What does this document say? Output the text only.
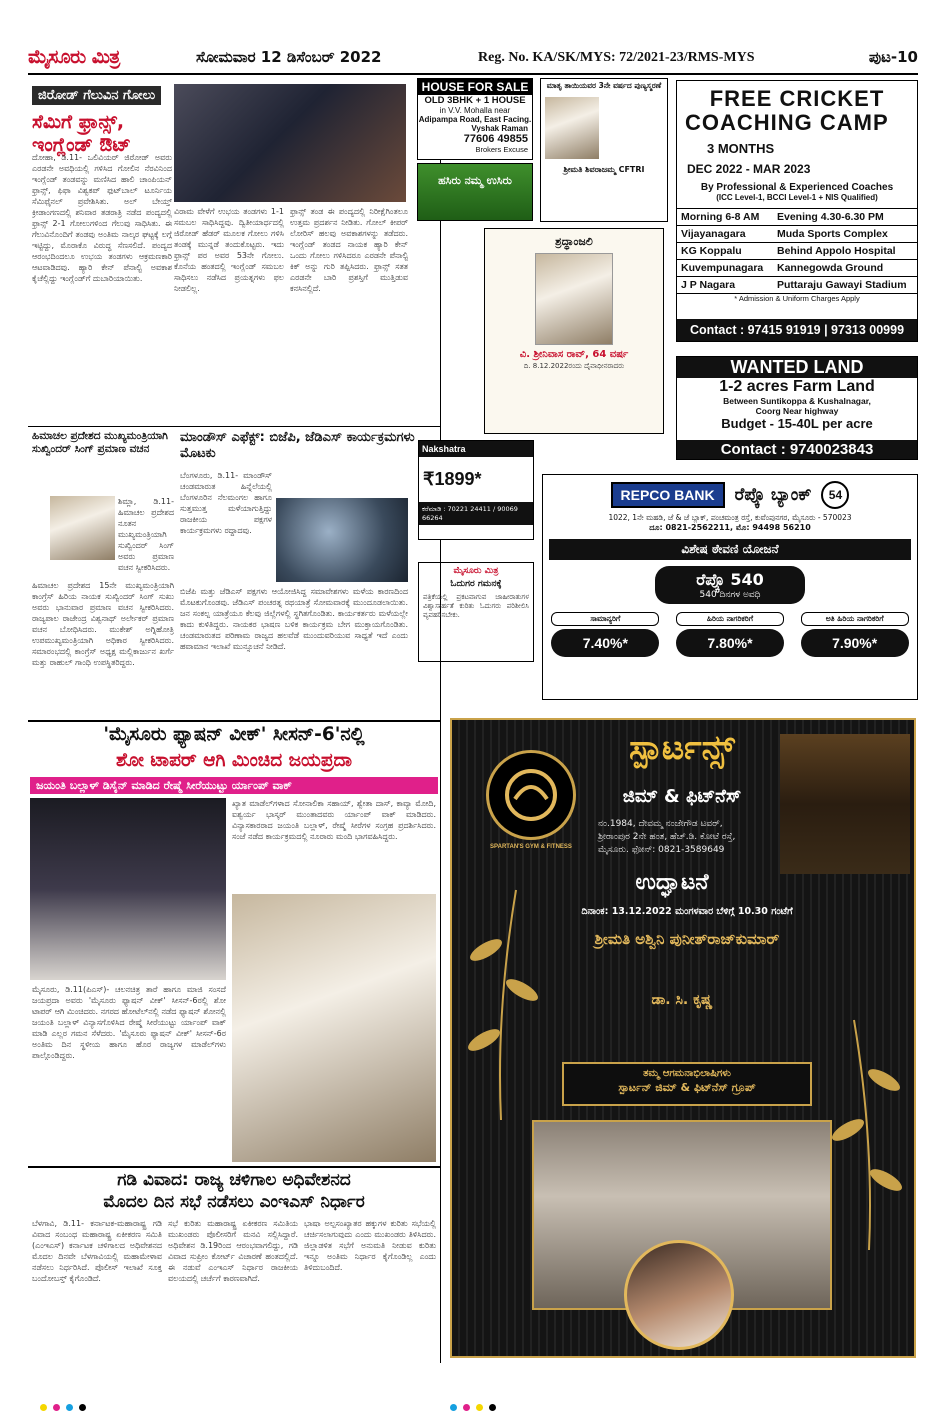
ಮೈಸೂರು ಮಿತ್ರ	ಸೋಮವಾರ 12 ಡಿಸೆಂಬರ್ 2022	Reg. No. KA/SK/MYS: 72/2021-23/RMS-MYS	ಪುಟ-10
ಜಿರೋಡ್ ಗೆಲುವಿನ ಗೋಲು
ಸೆಮಿಗೆ ಫ್ರಾನ್ಸ್,
ಇಂಗ್ಲೆಂಡ್ ಔಟ್
ದೋಹಾ, ಡಿ.11- ಒಲಿವಿಯರ್ ಜಿರೋಡ್ ಅವರು ಎರಡನೇ ಅವಧಿಯಲ್ಲಿ ಗಳಿಸಿದ ಗೋಲಿನ ನೆರವಿನಿಂದ ಇಂಗ್ಲೆಂಡ್ ತಂಡವನ್ನು ಮಣಿಸಿದ ಹಾಲಿ ಚಾಂಪಿಯನ್ ಫ್ರಾನ್ಸ್, ಫಿಫಾ ವಿಶ್ವಕಪ್ ಫುಟ್‌ಬಾಲ್ ಟೂರ್ನಿಯ ಸೆಮಿಫೈನಲ್ ಪ್ರವೇಶಿಸಿತು. ಅಲ್ ಬೇಯ್ತ್ ಕ್ರೀಡಾಂಗಣದಲ್ಲಿ ಶನಿವಾರ ತಡರಾತ್ರಿ ನಡೆದ ಪಂದ್ಯದಲ್ಲಿ ಫ್ರಾನ್ಸ್ 2-1 ಗೋಲುಗಳಿಂದ ಗೆಲುವು ಸಾಧಿಸಿತು. ಈ ಗೆಲುವಿನೊಂದಿಗೆ ತಂಡವು ಅಂತಿಮ ನಾಲ್ಕರ ಘಟ್ಟಕ್ಕೆ ಲಗ್ಗೆ ಇಟ್ಟಿದ್ದು, ಮೊರಾಕೊ ವಿರುದ್ಧ ಸೆಣಸಲಿದೆ. ಪಂದ್ಯದ ಆರಂಭದಿಂದಲೂ ಉಭಯ ತಂಡಗಳು ಆಕ್ರಮಣಕಾರಿ ಆಟವಾಡಿದವು. ಹ್ಯಾರಿ ಕೇನ್ ಪೆನಾಲ್ಟಿ ಅವಕಾಶ ಕೈಚೆಲ್ಲಿದ್ದು ಇಂಗ್ಲೆಂಡ್‌ಗೆ ದುಬಾರಿಯಾಯಿತು.
ವಿರಾಮ ವೇಳೆಗೆ ಉಭಯ ತಂಡಗಳು 1-1 ಸಮಬಲ ಸಾಧಿಸಿದ್ದವು. ದ್ವಿತೀಯಾರ್ಧದಲ್ಲಿ ಜಿರೋಡ್ ಹೆಡರ್ ಮೂಲಕ ಗೋಲು ಗಳಿಸಿ ತಂಡಕ್ಕೆ ಮುನ್ನಡೆ ತಂದುಕೊಟ್ಟರು. ಇದು ಫ್ರಾನ್ಸ್ ಪರ ಅವರ 53ನೇ ಗೋಲು. ಕೊನೆಯ ಹಂತದಲ್ಲಿ ಇಂಗ್ಲೆಂಡ್ ಸಮಬಲ ಸಾಧಿಸಲು ನಡೆಸಿದ ಪ್ರಯತ್ನಗಳು ಫಲ ನೀಡಲಿಲ್ಲ.
ಫ್ರಾನ್ಸ್ ತಂಡ ಈ ಪಂದ್ಯದಲ್ಲಿ ನಿರೀಕ್ಷೆಗಿಂತಲೂ ಉತ್ತಮ ಪ್ರದರ್ಶನ ನೀಡಿತು. ಗೋಲ್ ಕೀಪರ್ ಲೋರಿಸ್ ಹಲವು ಅವಕಾಶಗಳನ್ನು ತಡೆದರು. ಇಂಗ್ಲೆಂಡ್ ತಂಡದ ನಾಯಕ ಹ್ಯಾರಿ ಕೇನ್ ಒಂದು ಗೋಲು ಗಳಿಸಿದರೂ ಎರಡನೇ ಪೆನಾಲ್ಟಿ ಕಿಕ್ ಅನ್ನು ಗುರಿ ತಪ್ಪಿಸಿದರು. ಫ್ರಾನ್ಸ್ ಸತತ ಎರಡನೇ ಬಾರಿ ಪ್ರಶಸ್ತಿಗೆ ಮುತ್ತಿಡುವ ಕನಸಿನಲ್ಲಿದೆ.
ಹಿಮಾಚಲ ಪ್ರದೇಶದ ಮುಖ್ಯಮಂತ್ರಿಯಾಗಿ ಸುಖ್ವಿಂದರ್ ಸಿಂಗ್ ಪ್ರಮಾಣ ವಚನ
ಶಿಮ್ಲಾ, ಡಿ.11- ಹಿಮಾಚಲ ಪ್ರದೇಶದ ನೂತನ ಮುಖ್ಯಮಂತ್ರಿಯಾಗಿ ಸುಖ್ವಿಂದರ್ ಸಿಂಗ್ ಅವರು ಪ್ರಮಾಣ ವಚನ ಸ್ವೀಕರಿಸಿದರು.
ಹಿಮಾಚಲ ಪ್ರದೇಶದ 15ನೇ ಮುಖ್ಯಮಂತ್ರಿಯಾಗಿ ಕಾಂಗ್ರೆಸ್ ಹಿರಿಯ ನಾಯಕ ಸುಖ್ವಿಂದರ್ ಸಿಂಗ್ ಸುಖು ಅವರು ಭಾನುವಾರ ಪ್ರಮಾಣ ವಚನ ಸ್ವೀಕರಿಸಿದರು. ರಾಜ್ಯಪಾಲ ರಾಜೇಂದ್ರ ವಿಶ್ವನಾಥ್ ಅರ್ಲೇಕರ್ ಪ್ರಮಾಣ ವಚನ ಬೋಧಿಸಿದರು. ಮುಕೇಶ್ ಅಗ್ನಿಹೋತ್ರಿ ಉಪಮುಖ್ಯಮಂತ್ರಿಯಾಗಿ ಅಧಿಕಾರ ಸ್ವೀಕರಿಸಿದರು. ಸಮಾರಂಭದಲ್ಲಿ ಕಾಂಗ್ರೆಸ್ ಅಧ್ಯಕ್ಷ ಮಲ್ಲಿಕಾರ್ಜುನ ಖರ್ಗೆ ಮತ್ತು ರಾಹುಲ್ ಗಾಂಧಿ ಉಪಸ್ಥಿತರಿದ್ದರು.
ಮಾಂಡೌಸ್ ಎಫೆಕ್ಟ್: ಬಿಜೆಪಿ, ಜೆಡಿಎಸ್ ಕಾರ್ಯಕ್ರಮಗಳು ಮೊಟಕು
ಬೆಂಗಳೂರು, ಡಿ.11- ಮಾಂಡೌಸ್ ಚಂಡಮಾರುತ ಹಿನ್ನೆಲೆಯಲ್ಲಿ ಬೆಂಗಳೂರಿನ ನೆಲಮಂಗಲ ಹಾಗೂ ಸುತ್ತಮುತ್ತ ಮಳೆಯಾಗುತ್ತಿದ್ದು ರಾಜಕೀಯ ಪಕ್ಷಗಳ ಕಾರ್ಯಕ್ರಮಗಳು ರದ್ದಾದವು.
ಬಿಜೆಪಿ ಮತ್ತು ಜೆಡಿಎಸ್ ಪಕ್ಷಗಳು ಆಯೋಜಿಸಿದ್ದ ಸಮಾವೇಶಗಳು ಮಳೆಯ ಕಾರಣದಿಂದ ಮೊಟಕುಗೊಂಡವು. ಜೆಡಿಎಸ್ ಪಂಚರತ್ನ ರಥಯಾತ್ರೆ ಸೋಮವಾರಕ್ಕೆ ಮುಂದೂಡಲಾಯಿತು. ಜನ ಸಂಕಲ್ಪ ಯಾತ್ರೆಯೂ ಕೆಲವು ಜಿಲ್ಲೆಗಳಲ್ಲಿ ಸ್ಥಗಿತಗೊಂಡಿತು. ಕಾರ್ಯಕರ್ತರು ಮಳೆಯಲ್ಲೇ ಕಾದು ಕುಳಿತಿದ್ದರು. ನಾಯಕರ ಭಾಷಣ ಬಳಿಕ ಕಾರ್ಯಕ್ರಮ ಬೇಗ ಮುಕ್ತಾಯಗೊಂಡಿತು. ಚಂಡಮಾರುತದ ಪರಿಣಾಮ ರಾಜ್ಯದ ಹಲವೆಡೆ ಮುಂದುವರಿಯುವ ಸಾಧ್ಯತೆ ಇದೆ ಎಂದು ಹವಾಮಾನ ಇಲಾಖೆ ಮುನ್ಸೂಚನೆ ನೀಡಿದೆ.
'ಮೈಸೂರು ಫ್ಯಾಷನ್ ವೀಕ್' ಸೀಸನ್-6'ನಲ್ಲಿ
ಶೋ ಟಾಪರ್ ಆಗಿ ಮಿಂಚಿದ ಜಯಪ್ರದಾ
ಜಯಂತಿ ಬಲ್ಲಾಳ್ ಡಿಸೈನ್ ಮಾಡಿದ ರೇಷ್ಮೆ ಸೀರೆಯುಟ್ಟು ರ್ಯಾಂಪ್ ವಾಕ್
ಖ್ಯಾತ ಮಾಡೆಲ್‌ಗಳಾದ ಸೋನಾಲಿಕಾ ಸಹಾಯ್, ಶ್ವೇತಾ ದಾಸ್, ಕಾವ್ಯಾ ಮೋದಿ, ಐಶ್ವರ್ಯ ಭಾಸ್ಕರ್ ಮುಂತಾದವರು ರ್ಯಾಂಪ್ ವಾಕ್ ಮಾಡಿದರು. ವಿನ್ಯಾಸಕಾರರಾದ ಜಯಂತಿ ಬಲ್ಲಾಳ್, ರೇಷ್ಮೆ ಸೀರೆಗಳ ಸಂಗ್ರಹ ಪ್ರದರ್ಶಿಸಿದರು. ಸಂಜೆ ನಡೆದ ಕಾರ್ಯಕ್ರಮದಲ್ಲಿ ನೂರಾರು ಮಂದಿ ಭಾಗವಹಿಸಿದ್ದರು.
ಮೈಸೂರು, ಡಿ.11(ಪಿಎಸ್)- ಚಲನಚಿತ್ರ ತಾರೆ ಹಾಗೂ ಮಾಜಿ ಸಂಸದೆ ಜಯಪ್ರದಾ ಅವರು 'ಮೈಸೂರು ಫ್ಯಾಷನ್ ವೀಕ್' ಸೀಸನ್-6ರಲ್ಲಿ ಶೋ ಟಾಪರ್ ಆಗಿ ಮಿಂಚಿದರು. ನಗರದ ಹೋಟೆಲ್‌ನಲ್ಲಿ ನಡೆದ ಫ್ಯಾಷನ್ ಶೋನಲ್ಲಿ ಜಯಂತಿ ಬಲ್ಲಾಳ್ ವಿನ್ಯಾಸಗೊಳಿಸಿದ ರೇಷ್ಮೆ ಸೀರೆಯುಟ್ಟು ರ್ಯಾಂಪ್ ವಾಕ್ ಮಾಡಿ ಎಲ್ಲರ ಗಮನ ಸೆಳೆದರು. 'ಮೈಸೂರು ಫ್ಯಾಷನ್ ವೀಕ್' ಸೀಸನ್-6ರ ಅಂತಿಮ ದಿನ ಸ್ಥಳೀಯ ಹಾಗೂ ಹೊರ ರಾಜ್ಯಗಳ ಮಾಡೆಲ್‌ಗಳು ಪಾಲ್ಗೊಂಡಿದ್ದರು.
ಗಡಿ ವಿವಾದ: ರಾಜ್ಯ ಚಳಿಗಾಲ ಅಧಿವೇಶನದ
ಮೊದಲ ದಿನ ಸಭೆ ನಡೆಸಲು ಎಂಇಎಸ್ ನಿರ್ಧಾರ
ಬೆಳಗಾವಿ, ಡಿ.11- ಕರ್ನಾಟಕ-ಮಹಾರಾಷ್ಟ್ರ ಗಡಿ ವಿವಾದ ಸಂಬಂಧ ಮಹಾರಾಷ್ಟ್ರ ಏಕೀಕರಣ ಸಮಿತಿ (ಎಂಇಎಸ್) ಕರ್ನಾಟಕ ಚಳಿಗಾಲದ ಅಧಿವೇಶನದ ಮೊದಲ ದಿನವೇ ಬೆಳಗಾವಿಯಲ್ಲಿ ಮಹಾಮೇಳಾವ ನಡೆಸಲು ನಿರ್ಧರಿಸಿದೆ. ಪೊಲೀಸ್ ಇಲಾಖೆ ಸೂಕ್ತ ಬಂದೋಬಸ್ತ್ ಕೈಗೊಂಡಿದೆ.
ಸಭೆ ಕುರಿತು ಮಹಾರಾಷ್ಟ್ರ ಏಕೀಕರಣ ಸಮಿತಿಯ ಮುಖಂಡರು ಪೊಲೀಸರಿಗೆ ಮನವಿ ಸಲ್ಲಿಸಿದ್ದಾರೆ. ಅಧಿವೇಶನ ಡಿ.19ರಿಂದ ಆರಂಭವಾಗಲಿದ್ದು, ಗಡಿ ವಿವಾದ ಸುಪ್ರೀಂ ಕೋರ್ಟ್ ವಿಚಾರಣೆ ಹಂತದಲ್ಲಿದೆ. ಈ ನಡುವೆ ಎಂಇಎಸ್ ನಿರ್ಧಾರ ರಾಜಕೀಯ ವಲಯದಲ್ಲಿ ಚರ್ಚೆಗೆ ಕಾರಣವಾಗಿದೆ.
ಭಾಷಾ ಅಲ್ಪಸಂಖ್ಯಾತರ ಹಕ್ಕುಗಳ ಕುರಿತು ಸಭೆಯಲ್ಲಿ ಚರ್ಚಿಸಲಾಗುವುದು ಎಂದು ಮುಖಂಡರು ತಿಳಿಸಿದರು. ಜಿಲ್ಲಾಡಳಿತ ಸಭೆಗೆ ಅನುಮತಿ ನೀಡುವ ಕುರಿತು ಇನ್ನೂ ಅಂತಿಮ ನಿರ್ಧಾರ ಕೈಗೊಂಡಿಲ್ಲ ಎಂದು ತಿಳಿದುಬಂದಿದೆ.
HOUSE FOR SALE
OLD 3BHK + 1 HOUSE
in V.V. Mohalla near
Adipampa Road, East Facing.
Vyshak Raman
77606 49855
Brokers Excuse
ಹಸಿರು ನಮ್ಮ ಉಸಿರು
ಮಾತೃ ತಾಯಿಯವರ 3ನೇ ವರ್ಷದ ಪುಣ್ಯಸ್ಮರಣೆ
ಶ್ರೀಮತಿ ಶಿವರಾಜಮ್ಮ CFTRI
ಶ್ರದ್ಧಾಂಜಲಿ
ವಿ. ಶ್ರೀನಿವಾಸ ರಾವ್, 64 ವರ್ಷ
ದಿ. 8.12.2022ರಂದು ದೈವಾಧೀನರಾದರು
Nakshatra
₹1899*
ಕರೆಮಾಡಿ : 70221 24411 / 90069 66264
ಮೈಸೂರು ಮಿತ್ರ
ಓದುಗರ ಗಮನಕ್ಕೆ
ಪತ್ರಿಕೆಯಲ್ಲಿ ಪ್ರಕಟವಾಗುವ ಜಾಹೀರಾತುಗಳ ವಿಶ್ವಾಸಾರ್ಹತೆ ಕುರಿತು ಓದುಗರು ಪರಿಶೀಲಿಸಿ ವ್ಯವಹರಿಸಬೇಕು.
FREE CRICKET
COACHING CAMP
3 MONTHS
DEC 2022 - MAR 2023
By Professional & Experienced Coaches
(ICC Level-1, BCCI Level-1 + NIS Qualified)
Morning 6-8 AM	Evening 4.30-6.30 PM
Vijayanagara	Muda Sports Complex
KG Koppalu	Behind Appolo Hospital
Kuvempunagara	Kannegowda Ground
J P Nagara	Puttaraju Gawayi Stadium
* Admission & Uniform Charges Apply
Contact : 97415 91919 | 97313 00999
WANTED LAND
1-2 acres Farm Land
Between Suntikoppa & Kushalnagar,
Coorg Near highway
Budget - 15-40L per acre
Contact : 9740023843
REPCO BANK	ರೆಪ್ಕೊ ಬ್ಯಾಂಕ್	54
1022, 1ನೇ ಮಹಡಿ, ಜೆ & ಜೆ ಬ್ಲಾಕ್, ಪಂಚಮಂತ್ರ ರಸ್ತೆ, ಕುವೆಂಪುನಗರ, ಮೈಸೂರು - 570023
ದೂ: 0821-2562211, ಮೊ: 94498 56210
ವಿಶೇಷ ಠೇವಣಿ ಯೋಜನೆ
ರೆಪ್ಕೊ 540
540 ದಿನಗಳ ಅವಧಿ
ಸಾಮಾನ್ಯರಿಗೆ
7.40%*
ಹಿರಿಯ ನಾಗರಿಕರಿಗೆ
7.80%*
ಅತಿ ಹಿರಿಯ ನಾಗರಿಕರಿಗೆ
7.90%*
SPARTAN'S GYM & FITNESS
ಸ್ಪಾರ್ಟನ್ಸ್
ಜಿಮ್ & ಫಿಟ್‌ನೆಸ್
ನಂ.1984, ದೇವಮ್ಮ ನಂಜೇಗೌಡ ಟವರ್,
ಶ್ರೀರಾಂಪುರ 2ನೇ ಹಂತ, ಹೆಚ್.ಡಿ. ಕೋಟೆ ರಸ್ತೆ,
ಮೈಸೂರು. ಫೋನ್: 0821-3589649
ಉದ್ಘಾಟನೆ
ದಿನಾಂಕ: 13.12.2022 ಮಂಗಳವಾರ ಬೆಳಿಗ್ಗೆ 10.30 ಗಂಟೆಗೆ
ಶ್ರೀಮತಿ ಅಶ್ವಿನಿ ಪುನೀತ್‌ರಾಜ್‌ಕುಮಾರ್
ಡಾ. ಸಿ. ಕೃಷ್ಣ
ತಮ್ಮ ಆಗಮನಾಭಿಲಾಷಿಗಳು
ಸ್ಪಾರ್ಟನ್ ಜಿಮ್ & ಫಿಟ್‌ನೆಸ್ ಗ್ರೂಪ್
